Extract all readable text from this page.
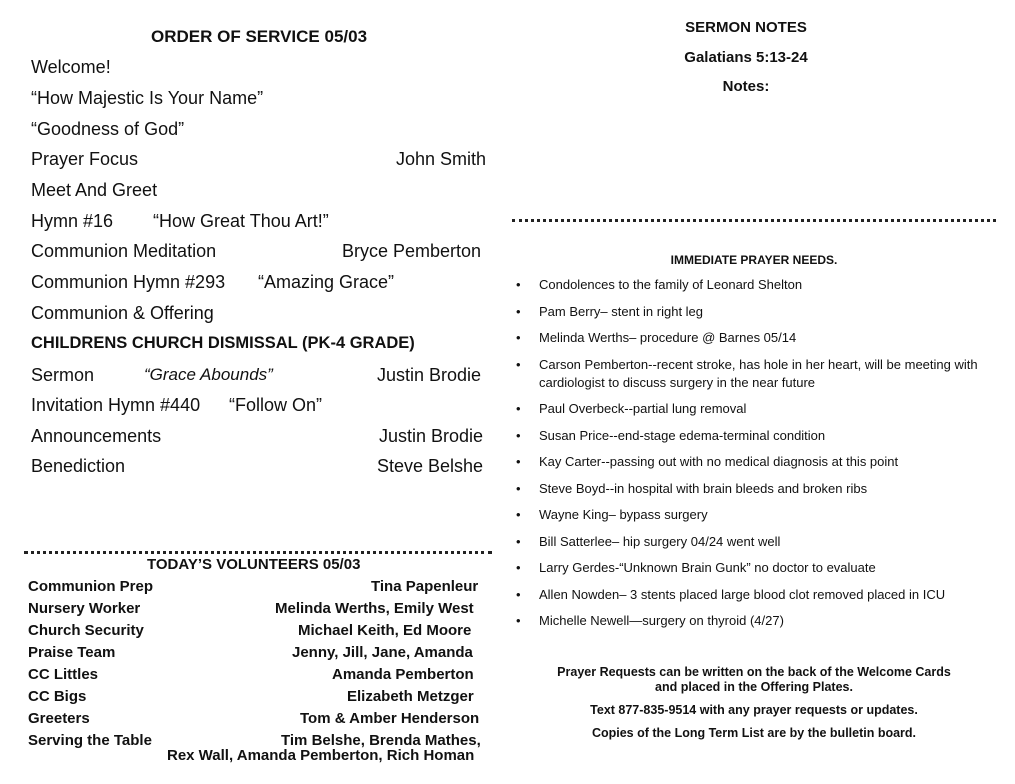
ORDER OF SERVICE 05/03
Welcome!
“How Majestic Is Your Name”
“Goodness of God”
Prayer Focus	John Smith
Meet And Greet
Hymn #16 “How Great Thou Art!”
Communion Meditation	Bryce Pemberton
Communion Hymn #293 “Amazing Grace”
Communion & Offering
CHILDRENS CHURCH DISMISSAL (PK-4 GRADE)
Sermon	“Grace Abounds”	Justin Brodie
Invitation Hymn #440 “Follow On”
Announcements	Justin Brodie
Benediction	Steve Belshe
TODAY’S VOLUNTEERS 05/03
Communion Prep	Tina Papenleur
Nursery Worker	Melinda Werths, Emily West
Church Security	Michael Keith, Ed Moore
Praise Team	Jenny, Jill, Jane, Amanda
CC Littles	Amanda Pemberton
CC Bigs	Elizabeth Metzger
Greeters	Tom & Amber Henderson
Serving the Table	Tim Belshe, Brenda Mathes,
Rex Wall, Amanda Pemberton, Rich Homan
SERMON NOTES
Galatians 5:13-24
Notes:
IMMEDIATE PRAYER NEEDS.
• Condolences to the family of Leonard Shelton
• Pam Berry– stent in right leg
• Melinda Werths– procedure @ Barnes 05/14
• Carson Pemberton--recent stroke, has hole in her heart, will be meeting with cardiologist to discuss surgery in the near future
• Paul Overbeck--partial lung removal
• Susan Price--end-stage edema-terminal condition
• Kay Carter--passing out with no medical diagnosis at this point
• Steve Boyd--in hospital with brain bleeds and broken ribs
• Wayne King– bypass surgery
• Bill Satterlee– hip surgery 04/24 went well
• Larry Gerdes-“Unknown Brain Gunk” no doctor to evaluate
• Allen Nowden– 3 stents placed large blood clot removed placed in ICU
• Michelle Newell—surgery on thyroid (4/27)
Prayer Requests can be written on the back of the Welcome Cards
and placed in the Offering Plates.
Text 877-835-9514 with any prayer requests or updates.
Copies of the Long Term List are by the bulletin board.
